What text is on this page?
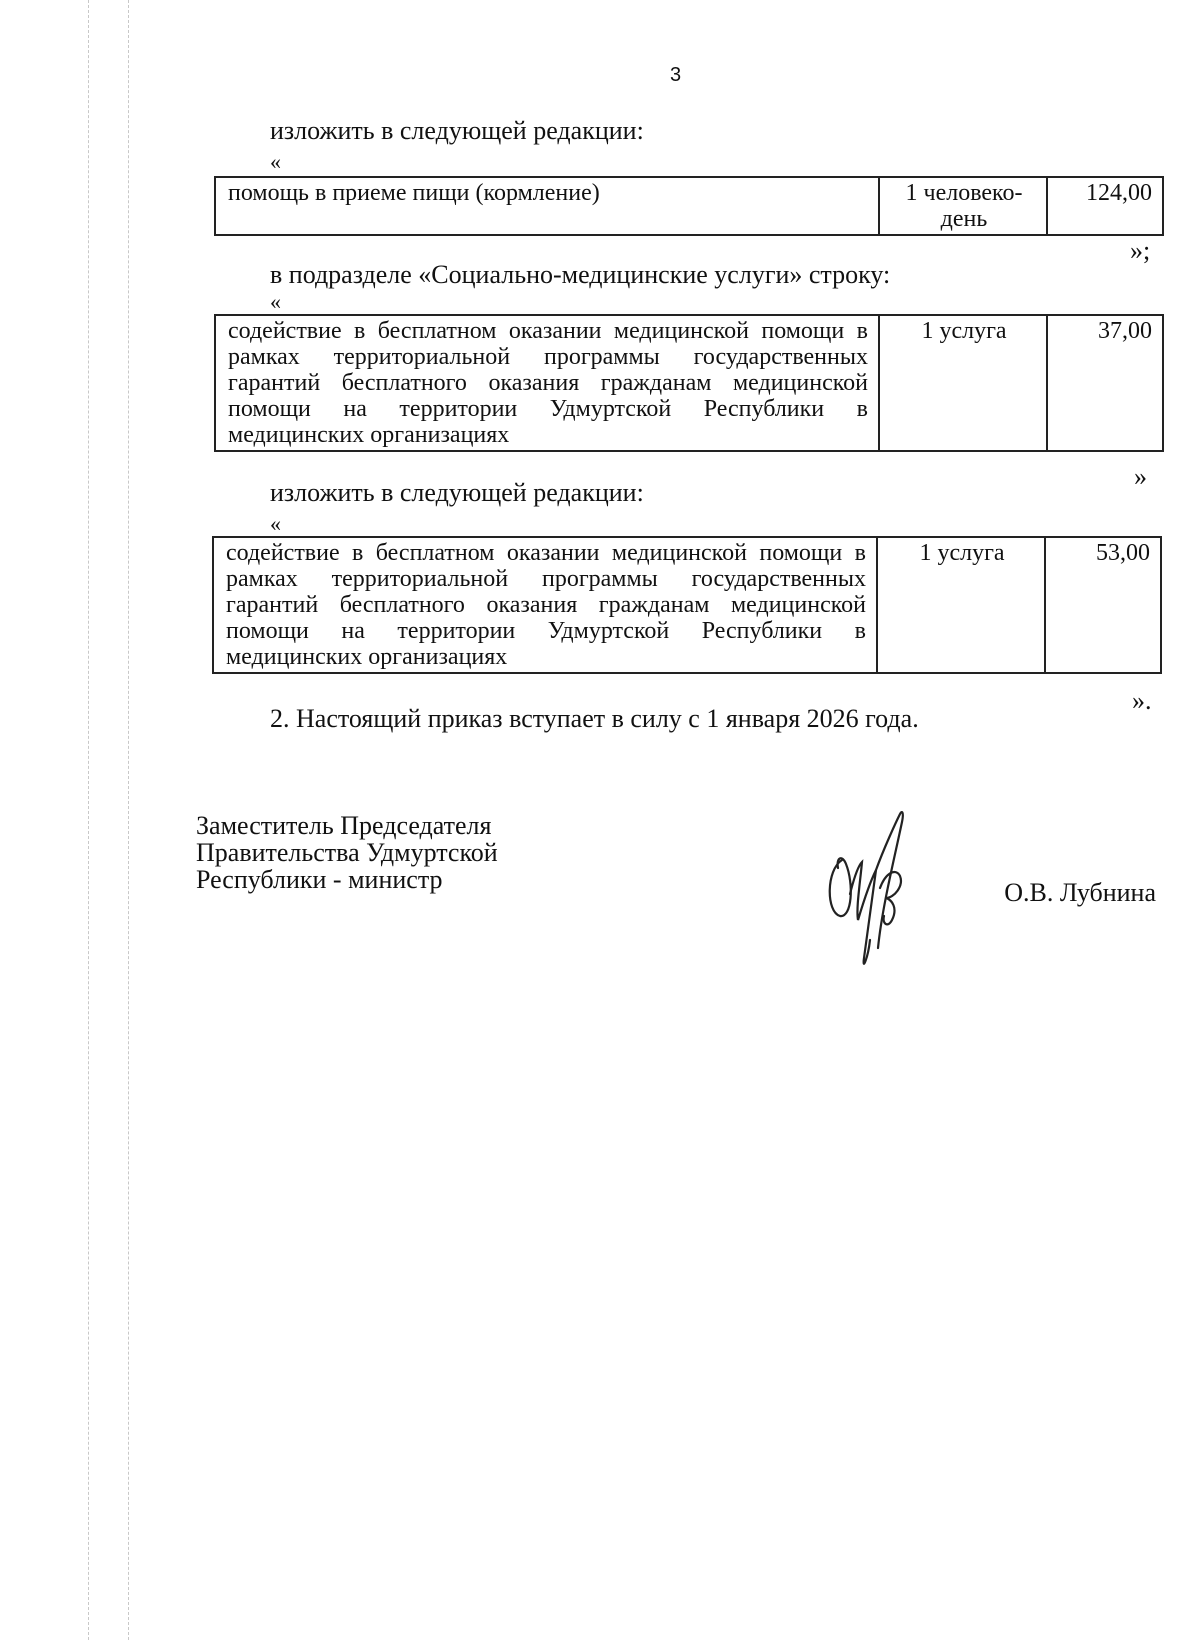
3
изложить в следующей редакции:
«
помощь в приеме пищи (кормление)	1 человеко-день	124,00
»;
в подразделе «Социально-медицинские услуги» строку:
«
содействие в бесплатном оказании медицинской помощи в рамках территориальной программы государственных гарантий бесплатного оказания гражданам медицинской помощи на территории Удмуртской Республики в медицинских организациях	1 услуга	37,00
»
изложить в следующей редакции:
«
содействие в бесплатном оказании медицинской помощи в рамках территориальной программы государственных гарантий бесплатного оказания гражданам медицинской помощи на территории Удмуртской Республики в медицинских организациях	1 услуга	53,00
».
2. Настоящий приказ вступает в силу с 1 января 2026 года.
Заместитель Председателя
Правительства Удмуртской
Республики - министр	О.В. Лубнина
